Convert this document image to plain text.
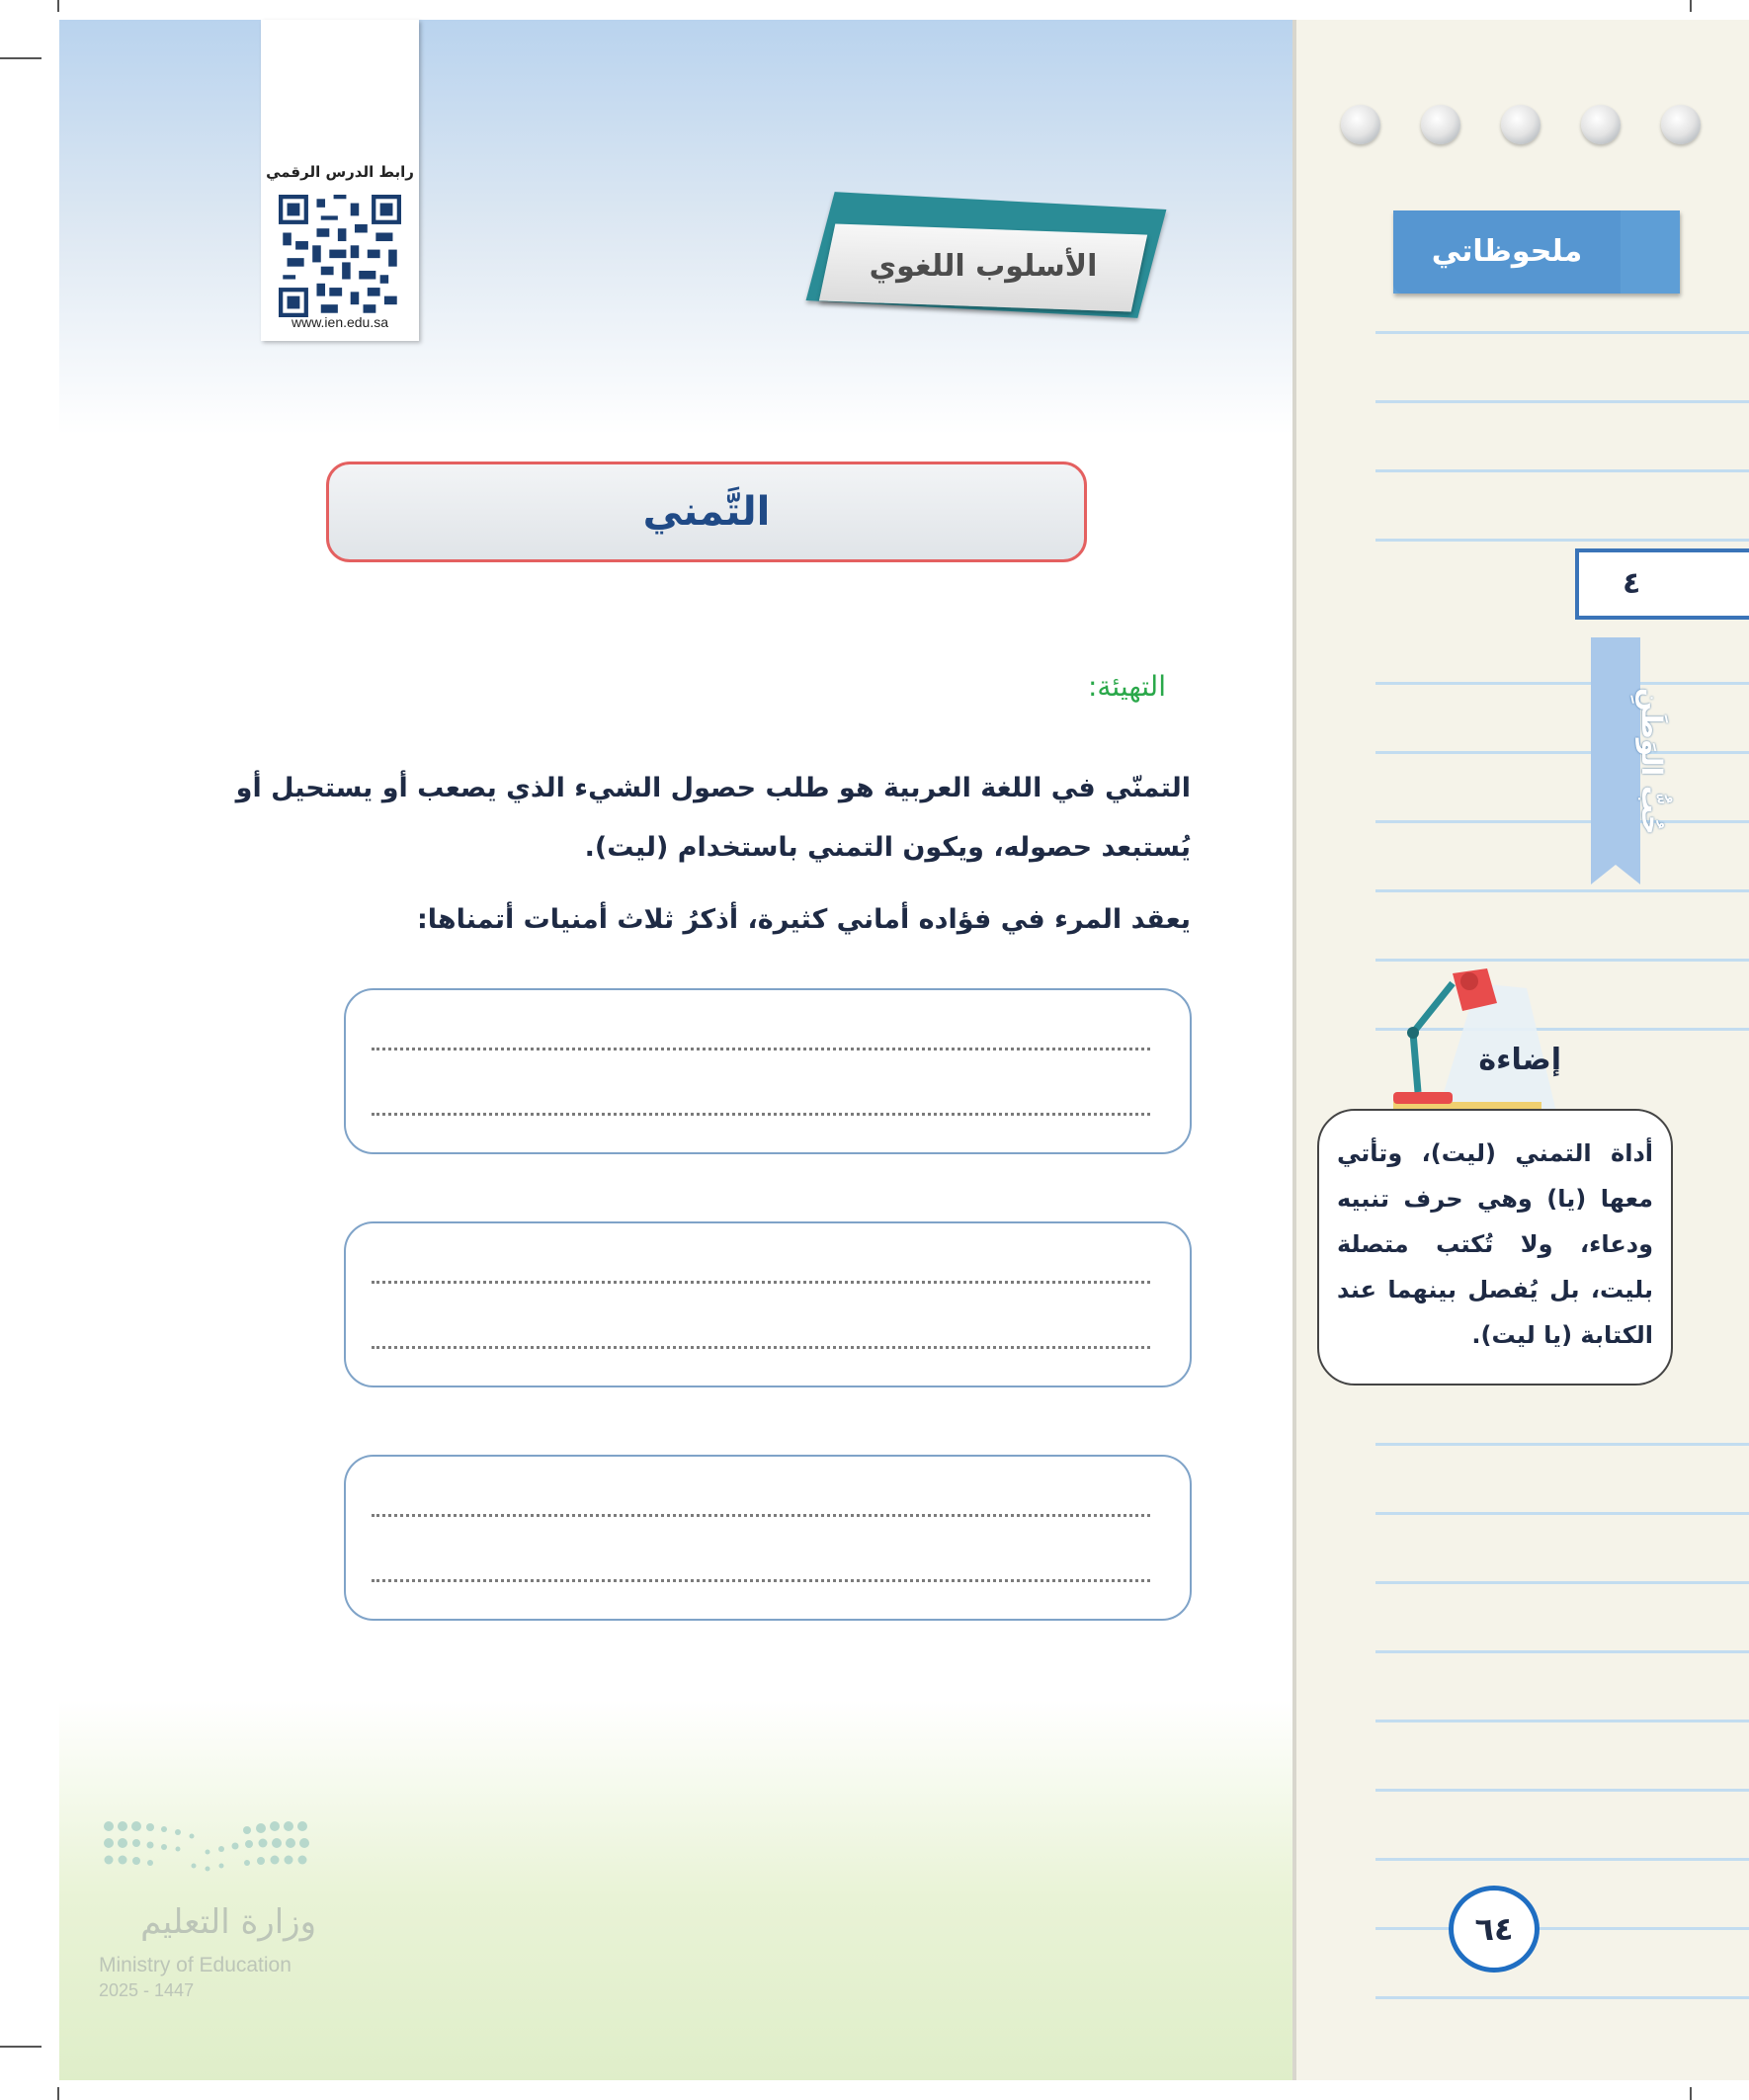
رابط الدرس الرقمي
www.ien.edu.sa
الأسلوب اللغوي
التَّمني
التهيئة:
التمنّي في اللغة العربية هو طلب حصول الشيء الذي يصعب أو يستحيل أو
يُستبعد حصوله، ويكون التمني باستخدام (ليت).
يعقد المرء في فؤاده أماني كثيرة، أذكرُ ثلاث أمنيات أتمناها:
ملحوظاتي
٤
حُبُّ الوَطَنِ
إضاءة
أداة التمني (ليت)، وتأتي معها (يا) وهي حرف تنبيه ودعاء، ولا تُكتب متصلة بليت، بل يُفصل بينهما عند الكتابة (يا ليت).
٦٤
وزارة التعليم
Ministry of Education
2025 - 1447
